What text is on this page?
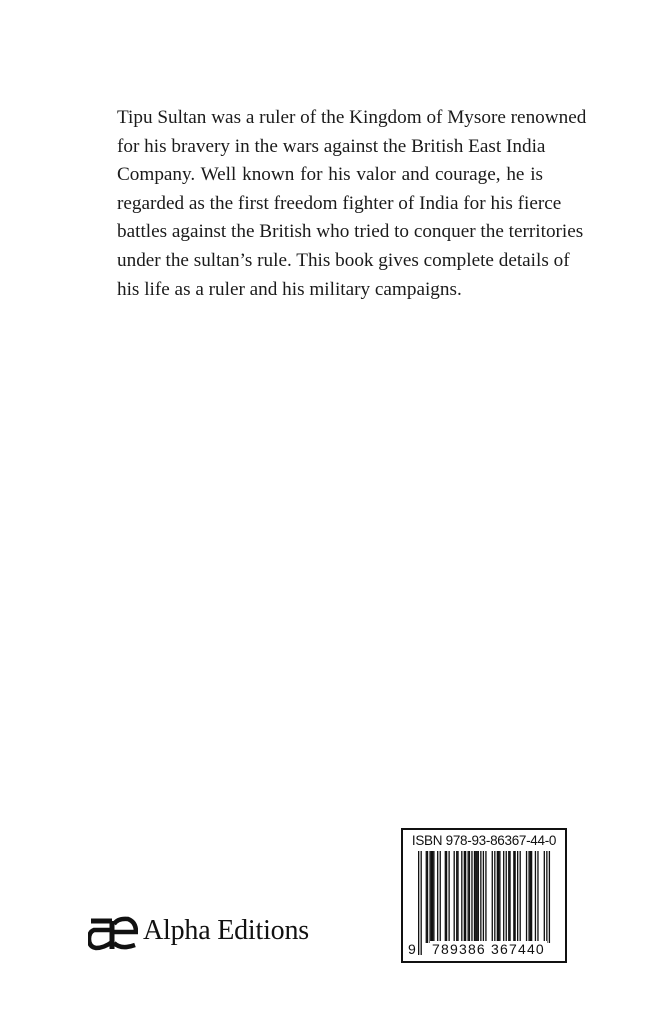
Tipu Sultan was a ruler of the Kingdom of Mysore renowned
for his bravery in the wars against the British East India
Company. Well known for his valor and courage, he is
regarded as the first freedom fighter of India for his fierce
battles against the British who tried to conquer the territories
under the sultan’s rule. This book gives complete details of
his life as a ruler and his military campaigns.
Alpha Editions
ISBN 978-93-86367-44-0
9 789386 367440
